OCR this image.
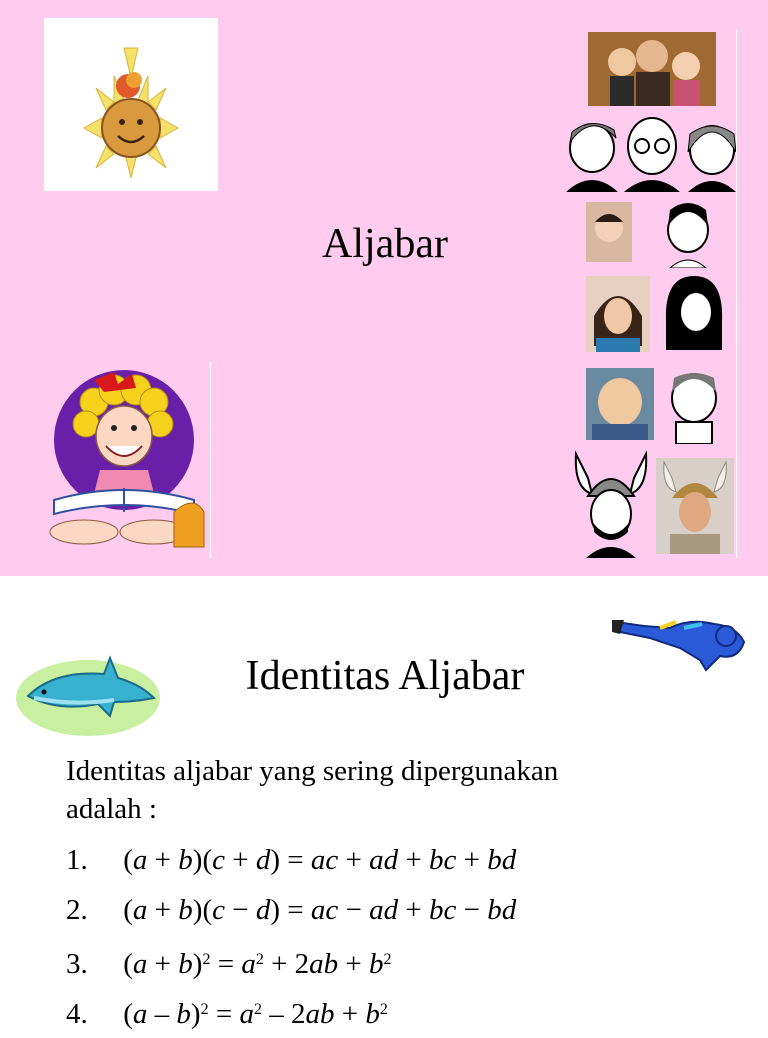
Aljabar
Identitas Aljabar
Identitas aljabar yang sering dipergunakan
adalah :
1. (a + b)(c + d) = ac + ad + bc + bd
2. (a + b)(c − d) = ac − ad + bc − bd
3. $(a + b)^2 = a^2 + 2ab + b^2$
4. $(a - b)^2 = a^2 - 2ab + b^2$
